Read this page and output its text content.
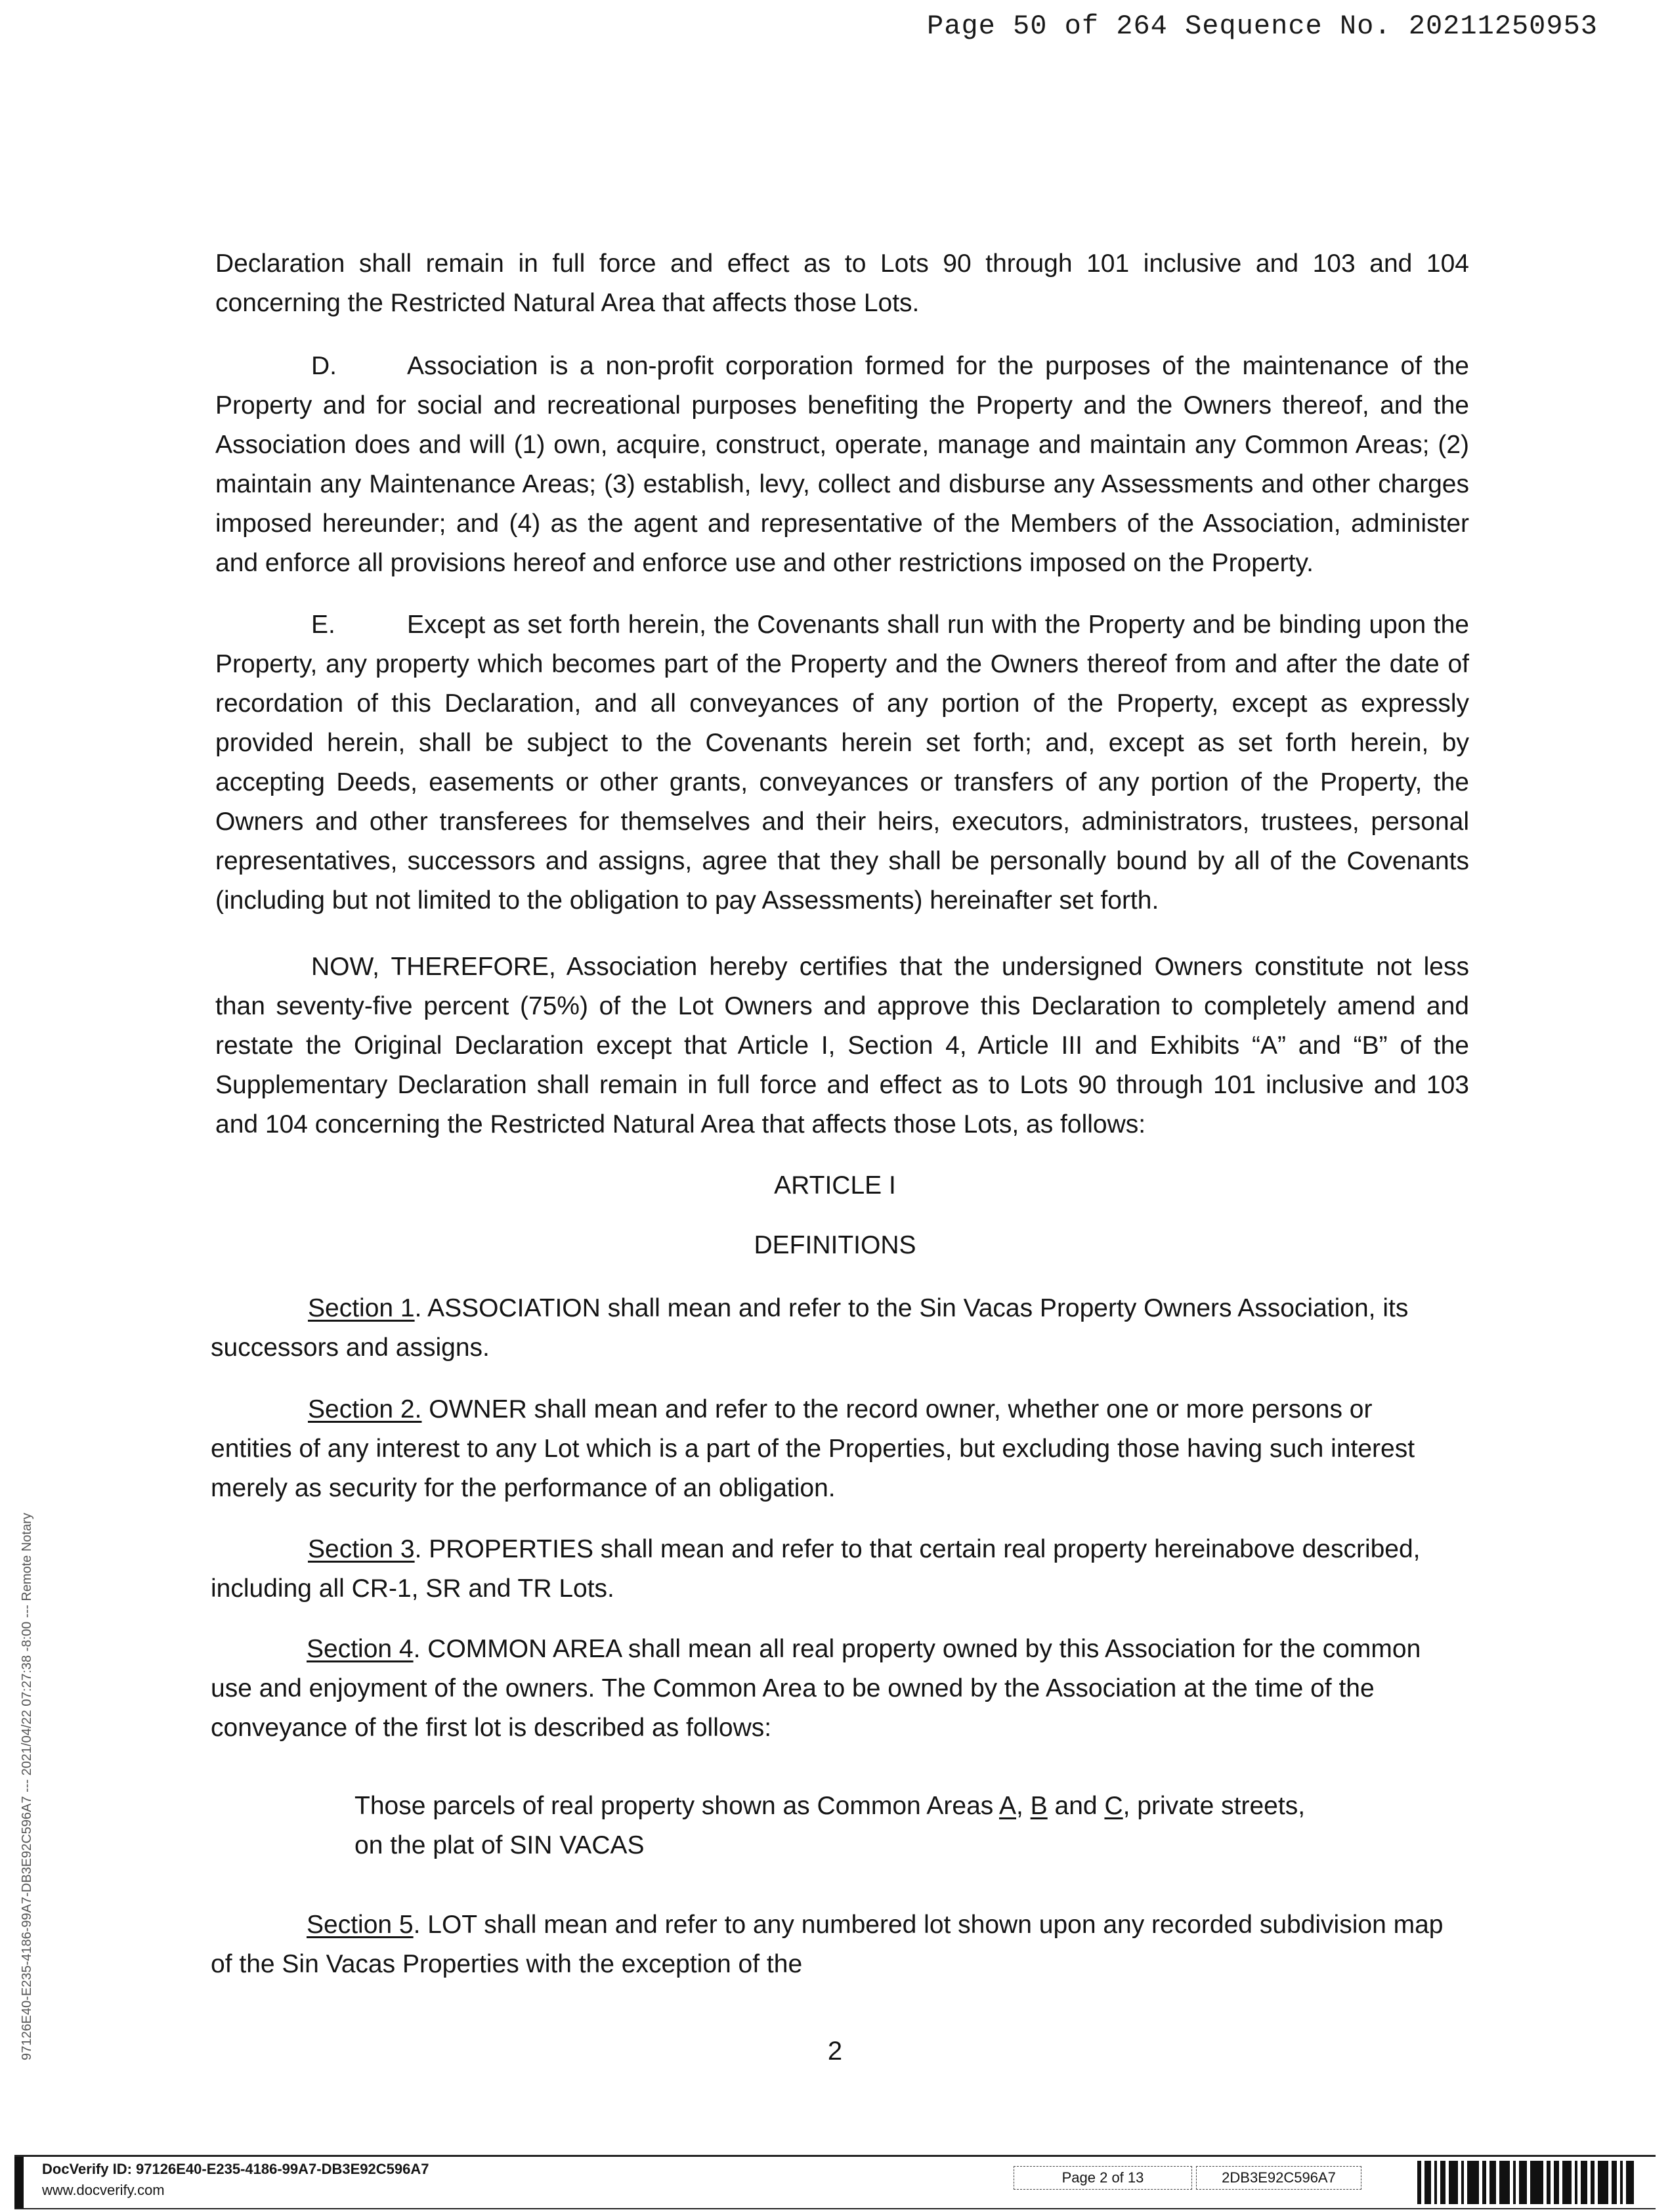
Page 50 of 264 Sequence No. 20211250953

Declaration shall remain in full force and effect as to Lots 90 through 101 inclusive and 103 and 104 concerning the Restricted Natural Area that affects those Lots.

D.	Association is a non-profit corporation formed for the purposes of the maintenance of the Property and for social and recreational purposes benefiting the Property and the Owners thereof, and the Association does and will (1) own, acquire, construct, operate, manage and maintain any Common Areas; (2) maintain any Maintenance Areas; (3) establish, levy, collect and disburse any Assessments and other charges imposed hereunder; and (4) as the agent and representative of the Members of the Association, administer and enforce all provisions hereof and enforce use and other restrictions imposed on the Property.

E.	Except as set forth herein, the Covenants shall run with the Property and be binding upon the Property, any property which becomes part of the Property and the Owners thereof from and after the date of recordation of this Declaration, and all conveyances of any portion of the Property, except as expressly provided herein, shall be subject to the Covenants herein set forth; and, except as set forth herein, by accepting Deeds, easements or other grants, conveyances or transfers of any portion of the Property, the Owners and other transferees for themselves and their heirs, executors, administrators, trustees, personal representatives, successors and assigns, agree that they shall be personally bound by all of the Covenants (including but not limited to the obligation to pay Assessments) hereinafter set forth.

NOW, THEREFORE, Association hereby certifies that the undersigned Owners constitute not less than seventy-five percent (75%) of the Lot Owners and approve this Declaration to completely amend and restate the Original Declaration except that Article I, Section 4, Article III and Exhibits “A” and “B” of the Supplementary Declaration shall remain in full force and effect as to Lots 90 through 101 inclusive and 103 and 104 concerning the Restricted Natural Area that affects those Lots, as follows:

ARTICLE I

DEFINITIONS

Section 1. ASSOCIATION shall mean and refer to the Sin Vacas Property Owners Association, its successors and assigns.

Section 2. OWNER shall mean and refer to the record owner, whether one or more persons or entities of any interest to any Lot which is a part of the Properties, but excluding those having such interest merely as security for the performance of an obligation.

Section 3. PROPERTIES shall mean and refer to that certain real property hereinabove described, including all CR-1, SR and TR Lots.

Section 4. COMMON AREA shall mean all real property owned by this Association for the common use and enjoyment of the owners. The Common Area to be owned by the Association at the time of the conveyance of the first lot is described as follows:

Those parcels of real property shown as Common Areas A, B and C, private streets,
on the plat of SIN VACAS

Section 5. LOT shall mean and refer to any numbered lot shown upon any recorded subdivision map of the Sin Vacas Properties with the exception of the

2

97126E40-E235-4186-99A7-DB3E92C596A7 --- 2021/04/22 07:27:38 -8:00 --- Remote Notary
DocVerify ID: 97126E40-E235-4186-99A7-DB3E92C596A7
www.docverify.com
Page 2 of 13	2DB3E92C596A7
